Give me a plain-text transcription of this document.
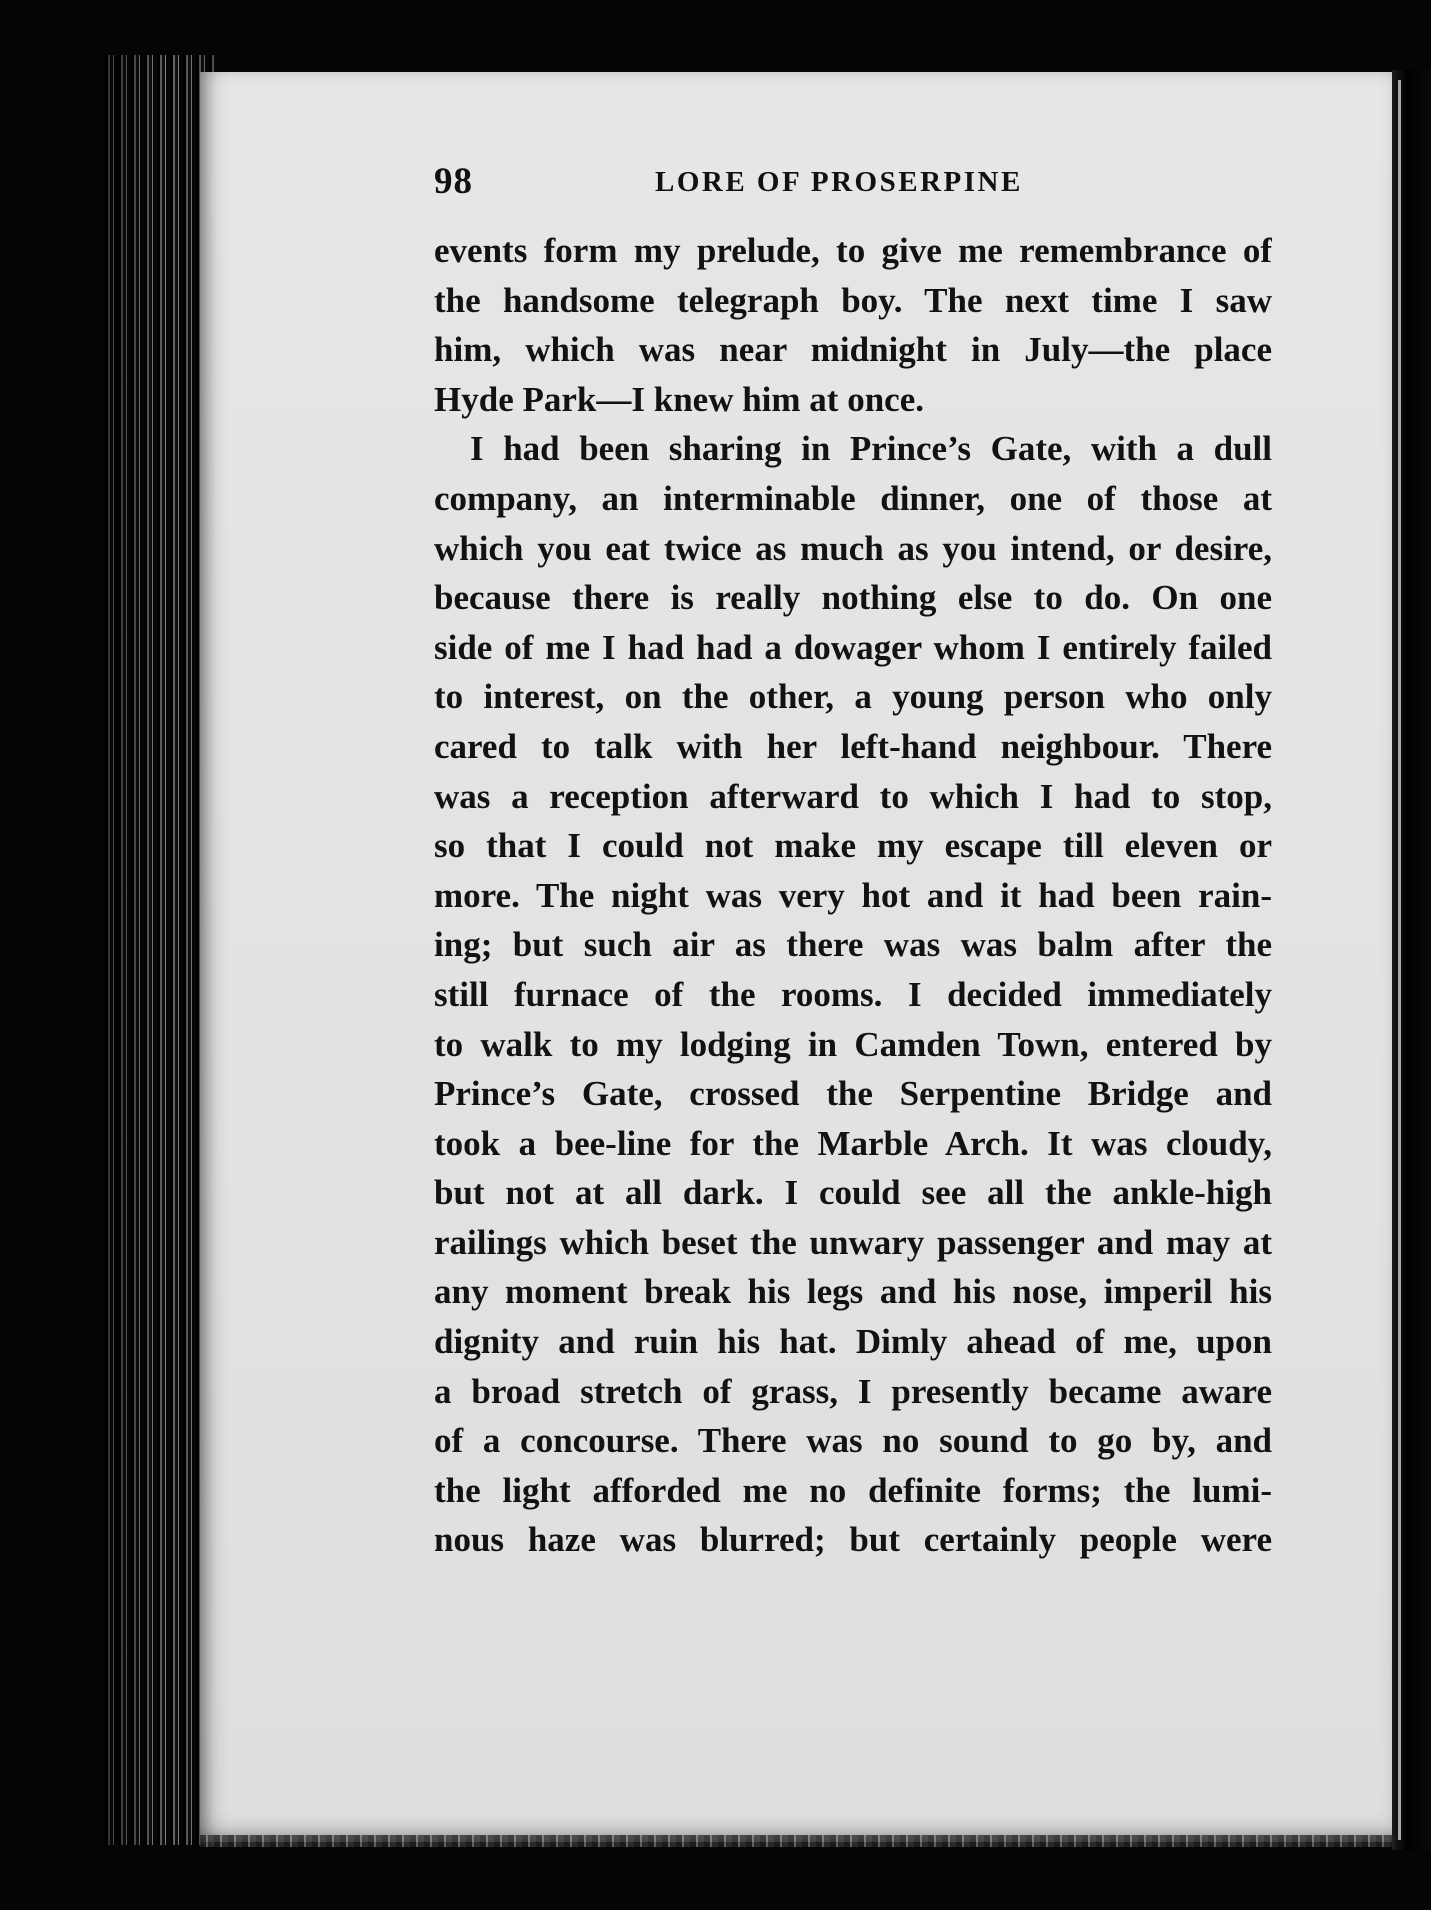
98	LORE OF PROSERPINE
events form my prelude, to give me remembrance of
the handsome telegraph boy. The next time I saw
him, which was near midnight in July—the place
Hyde Park—I knew him at once.
I had been sharing in Prince’s Gate, with a dull
company, an interminable dinner, one of those at
which you eat twice as much as you intend, or desire,
because there is really nothing else to do. On one
side of me I had had a dowager whom I entirely failed
to interest, on the other, a young person who only
cared to talk with her left-hand neighbour. There
was a reception afterward to which I had to stop,
so that I could not make my escape till eleven or
more. The night was very hot and it had been rain-
ing; but such air as there was was balm after the
still furnace of the rooms. I decided immediately
to walk to my lodging in Camden Town, entered by
Prince’s Gate, crossed the Serpentine Bridge and
took a bee-line for the Marble Arch. It was cloudy,
but not at all dark. I could see all the ankle-high
railings which beset the unwary passenger and may at
any moment break his legs and his nose, imperil his
dignity and ruin his hat. Dimly ahead of me, upon
a broad stretch of grass, I presently became aware
of a concourse. There was no sound to go by, and
the light afforded me no definite forms; the lumi-
nous haze was blurred; but certainly people were
